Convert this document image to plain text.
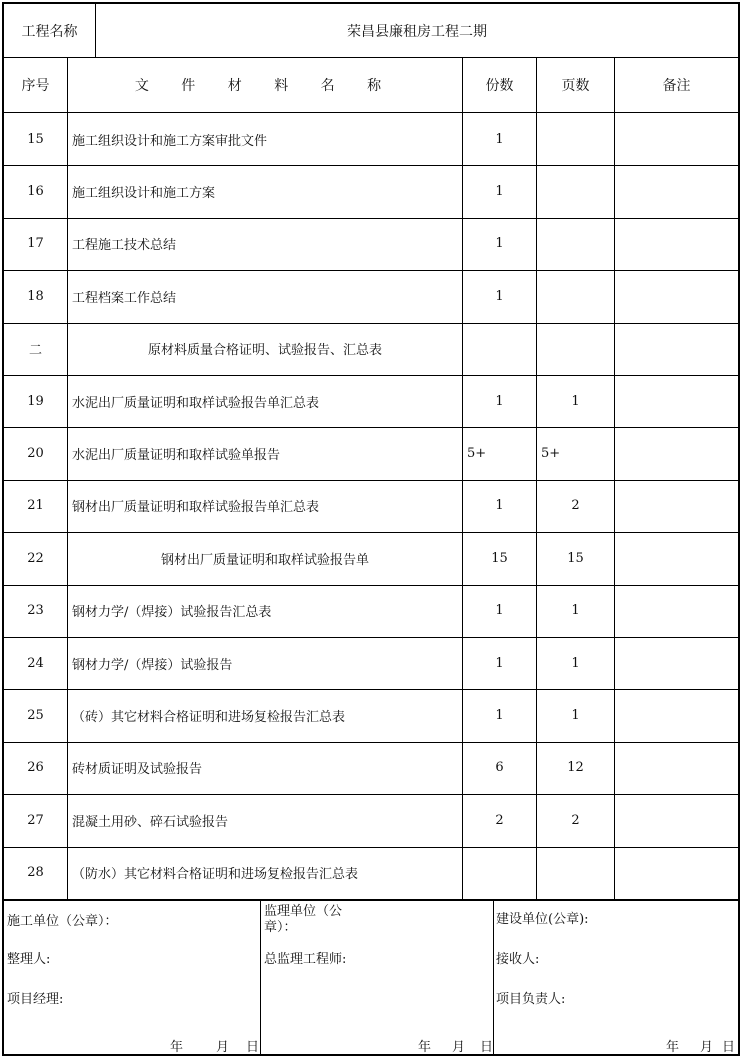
工程名称	荣昌县廉租房工程二期
序号	文 件 材 料 名 称	份数	页数	备注
15	施工组织设计和施工方案审批文件	1
16	施工组织设计和施工方案	1
17	工程施工技术总结	1
18	工程档案工作总结	1
二	原材料质量合格证明、试验报告、汇总表
19	水泥出厂质量证明和取样试验报告单汇总表	1	1
20	水泥出厂质量证明和取样试验单报告	5+	5+
21	钢材出厂质量证明和取样试验报告单汇总表	1	2
22	钢材出厂质量证明和取样试验报告单	15	15
23	钢材力学/（焊接）试验报告汇总表	1	1
24	钢材力学/（焊接）试验报告	1	1
25	（砖）其它材料合格证明和进场复检报告汇总表	1	1
26	砖材质证明及试验报告	6	12
27	混凝土用砂、碎石试验报告	2	2
28	（防水）其它材料合格证明和进场复检报告汇总表
施工单位（公章）：
整理人:
项目经理:
年	月 日
监理单位（公
章）：
总监理工程师:
年 月 日
建设单位(公章):
接收人:
项目负责人:
年 月 日
